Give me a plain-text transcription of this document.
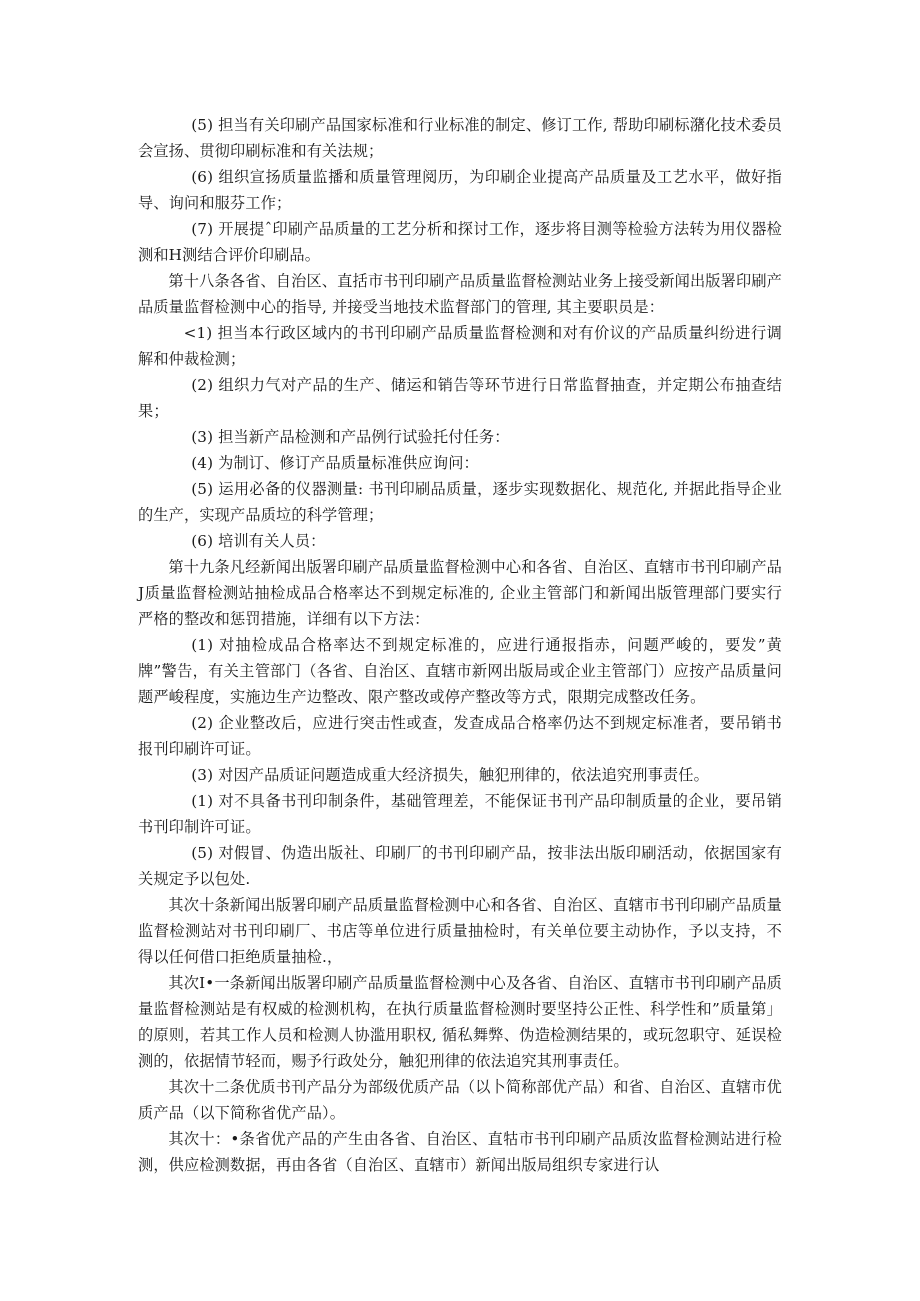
(5) 担当有关印刷产品国家标准和行业标准的制定、修订工作, 帮助印刷标潴化技术委员会宣扬、贯彻印刷标准和有关法规；

(6) 组织宣扬质量监播和质量管理阅历，为印刷企业提高产品质量及工艺水平，做好指导、询问和服芬工作；

(7) 开展提ˆ印刷产品质量的工艺分析和探讨工作，逐步将目测等检验方法转为用仪器检测和H测结合评价印刷品。

第十八条各省、自治区、直括市书刊印刷产品质量监督检测站业务上接受新闻出版署印刷产品质量监督检测中心的指导, 并接受当地技术监督部门的管理, 其主要职员是：

<1) 担当本行政区域内的书刊印刷产品质量监督检测和对有价议的产品质量纠纷进行调解和仲裁检测；

(2) 组织力气对产品的生产、储运和销告等环节进行日常监督抽查，并定期公布抽查结果；

(3) 担当新产品检测和产品例行试验托付任务：

(4) 为制订、修订产品质量标准供应询问：

(5) 运用必备的仪器测量: 书刊印刷品质量，逐步实现数据化、规范化, 并据此指导企业的生产，实现产品质垃的科学管理；

(6) 培训有关人员：

第十九条凡经新闻出版署印刷产品质量监督检测中心和各省、自治区、直辖市书刊印刷产品J质量监督检测站抽检成品合格率达不到规定标准的, 企业主管部门和新闻出版管理部门要实行严格的整改和惩罚措施，详细有以下方法：

(1) 对抽检成品合格率达不到规定标准的，应进行通报指赤，问题严峻的，要发”黄牌”警告，有关主管部门（各省、自治区、直辖市新网出版局或企业主管部门）应按产品质量问题严峻程度，实施边生产边整改、限产整改或停产整改等方式，限期完成整改任务。

(2) 企业整改后，应进行突击性或查，发查成品合格率仍达不到规定标准者，要吊销书报刊印刷许可证。

(3) 对因产品质证问题造成重大经济损失，触犯刑律的，依法追究刑事责任。

(1) 对不具备书刊印制条件，基础管理差，不能保证书刊产品印制质量的企业，要吊销书刊印制许可证。

(5) 对假冒、伪造出版社、印刷厂的书刊印刷产品，按非法出版印刷活动，依据国家有关规定予以包处.

其次十条新闻出版署印刷产品质量监督检测中心和各省、自治区、直辖市书刊印刷产品质量监督检测站对书刊印刷厂、书店等单位进行质量抽检时，有关单位要主动协作，予以支持，不得以任何借口拒绝质量抽检.，

其次I•一条新闻出版署印刷产品质量监督检测中心及各省、自治区、直辖市书刊印刷产品质量监督检测站是有权威的检测机构，在执行质量监督检测时要坚持公正性、科学性和”质量第」的原则，若其工作人员和检测人协滥用职权, 循私舞弊、伪造检测结果的，或玩忽职守、延误检测的，依据情节轻而，赐予行政处分，触犯刑律的依法追究其刑事责任。

其次十二条优质书刊产品分为部级优质产品（以卜简称部优产品）和省、自治区、直辖市优质产品（以下简称省优产品）。

其次十：•条省优产品的产生由各省、自治区、直牯市书刊印刷产品质汝监督检测站进行检测，供应检测数据，再由各省（自治区、直辖市）新闻出版局组织专家进行认
